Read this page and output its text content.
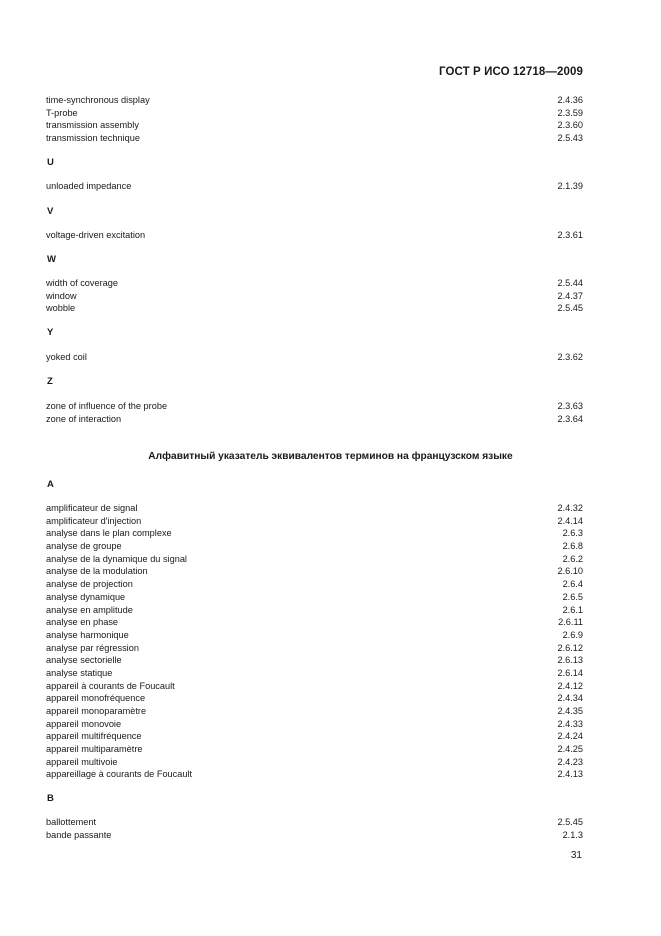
ГОСТ Р ИСО 12718—2009
time-synchronous display	2.4.36
T-probe	2.3.59
transmission assembly	2.3.60
transmission technique	2.5.43
U
unloaded impedance	2.1.39
V
voltage-driven excitation	2.3.61
W
width of coverage	2.5.44
window	2.4.37
wobble	2.5.45
Y
yoked coil	2.3.62
Z
zone of influence of the probe	2.3.63
zone of interaction	2.3.64
Алфавитный указатель эквивалентов терминов на французском языке
A
amplificateur de signal	2.4.32
amplificateur d'injection	2.4.14
analyse dans le plan complexe	2.6.3
analyse de groupe	2.6.8
analyse de la dynamique du signal	2.6.2
analyse de la modulation	2.6.10
analyse de projection	2.6.4
analyse dynamique	2.6.5
analyse en amplitude	2.6.1
analyse en phase	2.6.11
analyse harmonique	2.6.9
analyse par régression	2.6.12
analyse sectorielle	2.6.13
analyse statique	2.6.14
appareil à courants de Foucault	2.4.12
appareil monofréquence	2.4.34
appareil monoparamètre	2.4.35
appareil monovoie	2.4.33
appareil multifréquence	2.4.24
appareil multiparamètre	2.4.25
appareil multivoie	2.4.23
appareillage à courants de Foucault	2.4.13
B
ballottement	2.5.45
bande passante	2.1.3
31
